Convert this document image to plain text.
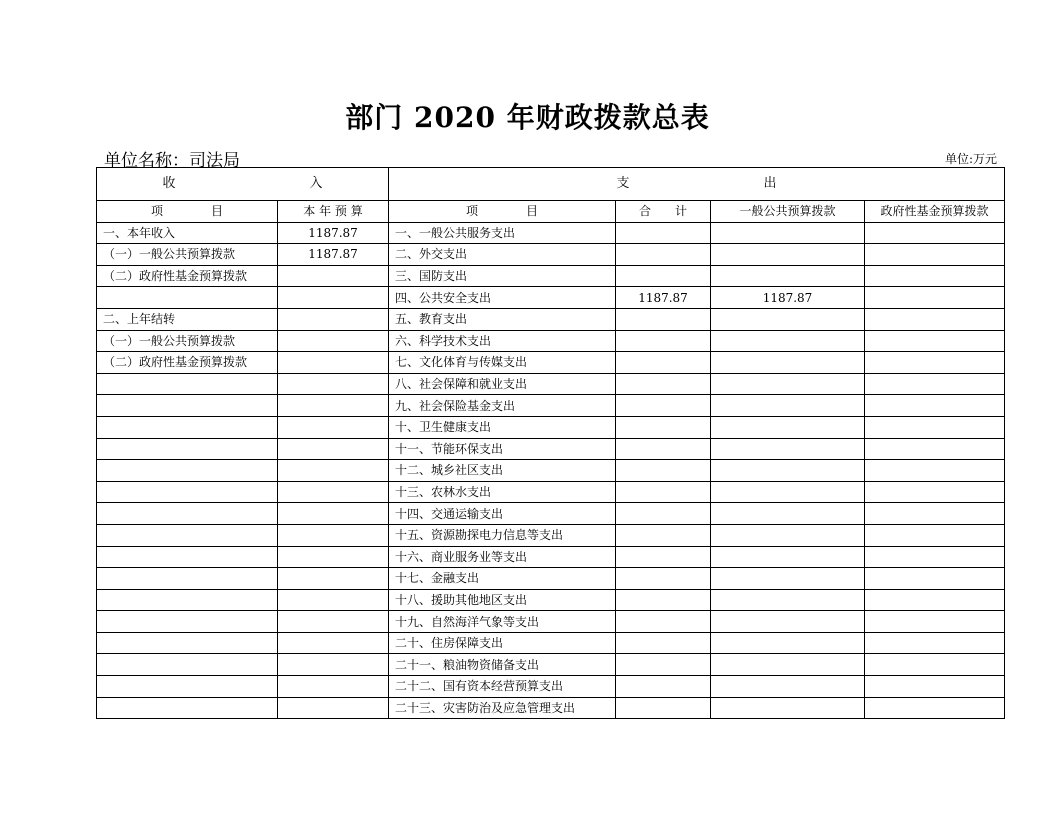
部门 2020 年财政拨款总表
单位名称：司法局	单位:万元
收 入		支 出			
项　　　　目	本 年 预 算	项　　　　目	合　　计	一般公共预算拨款	政府性基金预算拨款
一、本年收入	1187.87	一、一般公共服务支出			
（一）一般公共预算拨款	1187.87	二、外交支出			
（二）政府性基金预算拨款		三、国防支出			
		四、公共安全支出	1187.87	1187.87	
二、上年结转		五、教育支出			
（一）一般公共预算拨款		六、科学技术支出			
（二）政府性基金预算拨款		七、文化体育与传媒支出			
		八、社会保障和就业支出			
		九、社会保险基金支出			
		十、卫生健康支出			
		十一、节能环保支出			
		十二、城乡社区支出			
		十三、农林水支出			
		十四、交通运输支出			
		十五、资源勘探电力信息等支出			
		十六、商业服务业等支出			
		十七、金融支出			
		十八、援助其他地区支出			
		十九、自然海洋气象等支出			
		二十、住房保障支出			
		二十一、粮油物资储备支出			
		二十二、国有资本经营预算支出			
		二十三、灾害防治及应急管理支出			
